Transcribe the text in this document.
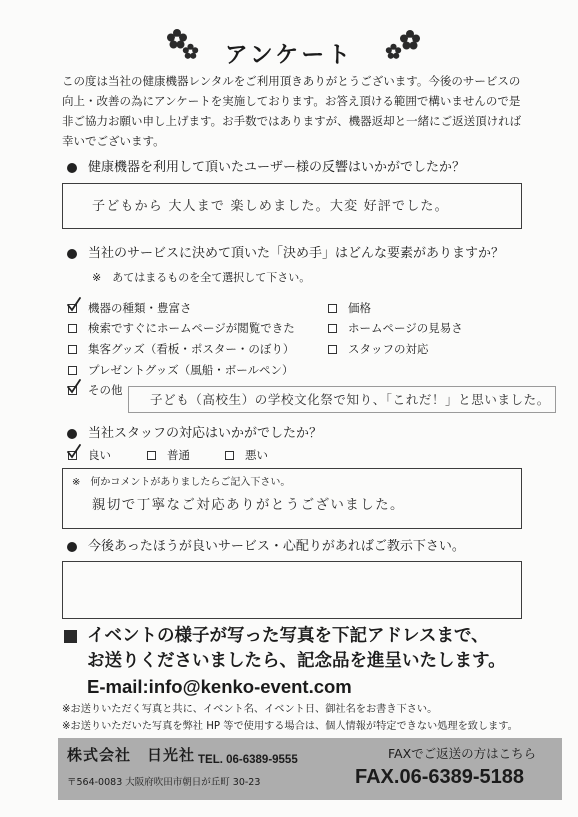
アンケート
この度は当社の健康機器レンタルをご利用頂きありがとうございます。今後のサービスの
向上・改善の為にアンケートを実施しております。お答え頂ける範囲で構いませんので是
非ご協力お願い申し上げます。お手数ではありますが、機器返却と一緒にご返送頂ければ
幸いでございます。
健康機器を利用して頂いたユーザー様の反響はいかがでしたか？
子どもから 大人まで 楽しめました。大変 好評でした。
当社のサービスに決めて頂いた「決め手」はどんな要素がありますか？
※　あてはまるものを全て選択して下さい。
機器の種類・豊富さ
検索ですぐにホームページが閲覧できた
集客グッズ（看板・ポスター・のぼり）
プレゼントグッズ（風船・ボールペン）
その他
価格
ホームページの見易さ
スタッフの対応
子ども（高校生）の学校文化祭で知り、「これだ！」と思いました。
当社スタッフの対応はいかがでしたか？
良い	普通	悪い
※　何かコメントがありましたらご記入下さい。
親切で丁寧なご対応ありがとうございました。
今後あったほうが良いサービス・心配りがあればご教示下さい。
イベントの様子が写った写真を下記アドレスまで、
お送りくださいましたら、記念品を進呈いたします。
E-mail:info@kenko-event.com
※お送りいただく写真と共に、イベント名、イベント日、御社名をお書き下さい。
※お送りいただいた写真を弊社 HP 等で使用する場合は、個人情報が特定できない処理を致します。
株式会社　日光社 TEL. 06-6389-9555
〒564-0083 大阪府吹田市朝日が丘町 30-23
FAXでご返送の方はこちら
FAX.06-6389-5188
